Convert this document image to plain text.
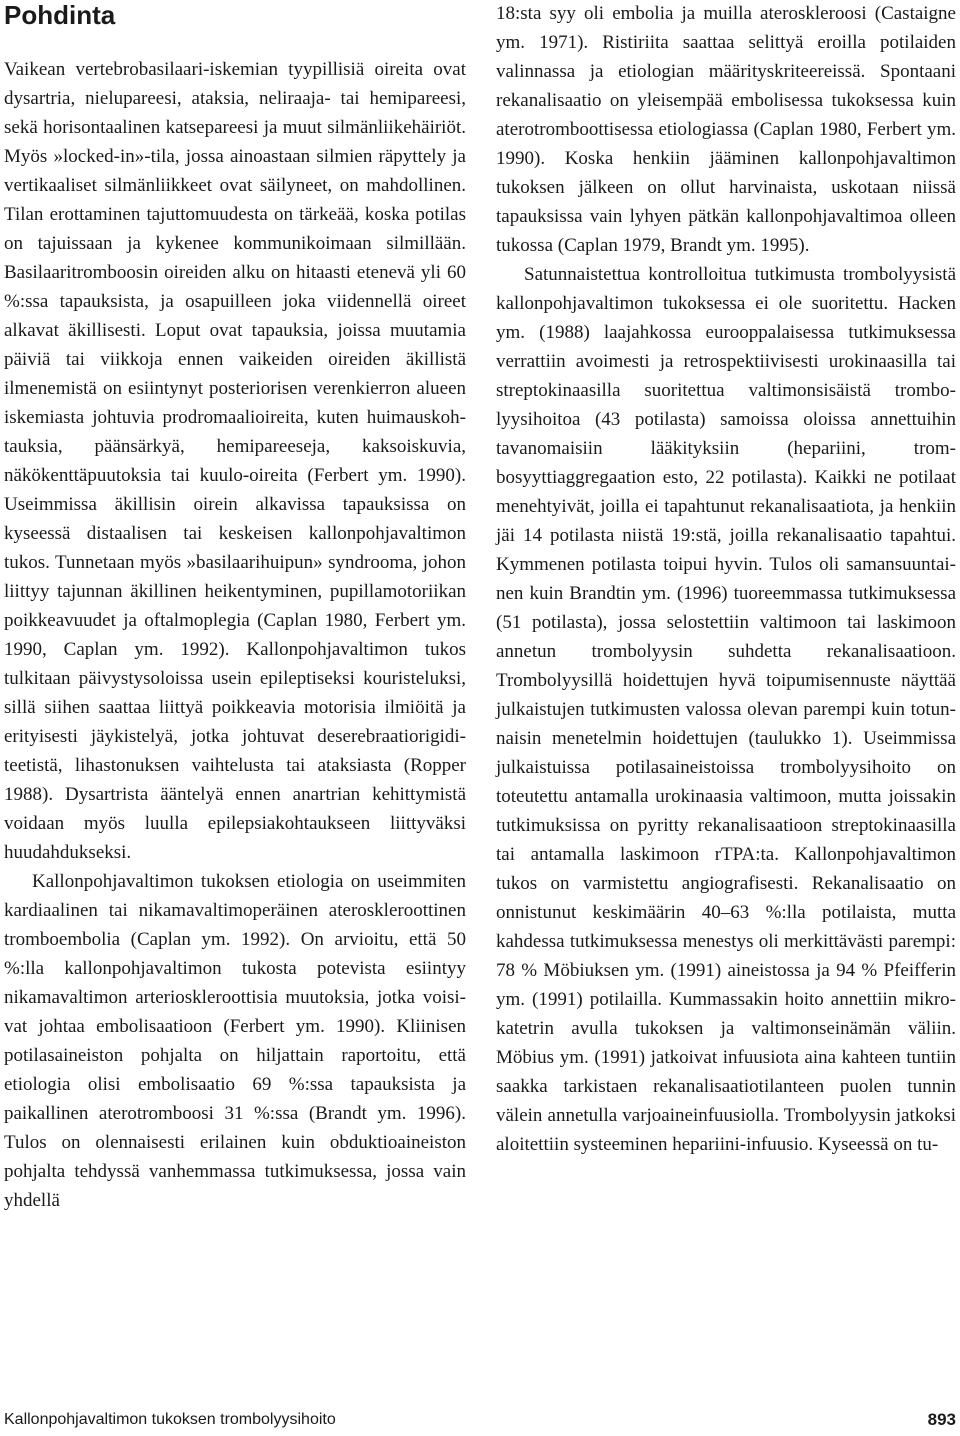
Pohdinta

Vaikean vertebrobasilaari-iskemian tyypillisiä oireita ovat dysartria, nielupareesi, ataksia, neliraaja- tai hemipareesi, sekä horisontaalinen katsepareesi ja muut silmänliikehäiriöt. Myös »locked-in»-tila, jossa ainoastaan silmien räpyttely ja vertikaaliset silmänliikkeet ovat säilyneet, on mahdollinen. Tilan erottaminen tajuttomuudesta on tärkeää, koska potilas on tajuissaan ja kykenee kommunikoimaan silmillään. Basilaaritromboosin oireiden alku on hitaasti etenevä yli 60 %:ssa tapauksista, ja osapuilleen joka viidennellä oireet alkavat äkillisesti. Loput ovat tapauksia, joissa muutamia päiviä tai viikkoja ennen vaikeiden oireiden äkillistä ilmenemistä on esiintynyt posteriorisen verenkierron alueen iskemiasta johtuvia prodromaalioireita, kuten huimauskohtauksia, päänsärkyä, hemipareeseja, kaksoiskuvia, näkökenttäpuutoksia tai kuulo-oireita (Ferbert ym. 1990). Useimmissa äkillisin oirein alkavissa tapauksissa on kyseessä distaalisen tai keskeisen kallonpohjavaltimon tukos. Tunnetaan myös »basilaarihuipun» syndrooma, johon liittyy tajunnan äkillinen heikentyminen, pupillamotoriikan poikkeavuudet ja oftalmoplegia (Caplan 1980, Ferbert ym. 1990, Caplan ym. 1992). Kallonpohjavaltimon tukos tulkitaan päivystysoloissa usein epileptiseksi kouristeluksi, sillä siihen saattaa liittyä poikkeavia motorisia ilmiöitä ja erityisesti jäykistelyä, jotka johtuvat deserebraatiorigiditeetistä, lihastonuksen vaihtelusta tai ataksiasta (Ropper 1988). Dysartrista ääntelyä ennen anartrian kehittymistä voidaan myös luulla epilepsiakohtaukseen liittyväksi huudahdukseksi.

Kallonpohjavaltimon tukoksen etiologia on useimmiten kardiaalinen tai nikamavaltimoperäinen ateroskleroottinen tromboembolia (Caplan ym. 1992). On arvioitu, että 50 %:lla kallonpohjavaltimon tukosta potevista esiintyy nikamavaltimon arterioskleroottisia muutoksia, jotka voisivat johtaa embolisaatioon (Ferbert ym. 1990). Kliinisen potilasaineiston pohjalta on hiljattain raportoitu, että etiologia olisi embolisaatio 69 %:ssa tapauksista ja paikallinen aterotromboosi 31 %:ssa (Brandt ym. 1996). Tulos on olennaisesti erilainen kuin obduktioaineiston pohjalta tehdyssä vanhemmassa tutkimuksessa, jossa vain yhdellä

18:sta syy oli embolia ja muilla ateroskleroosi (Castaigne ym. 1971). Ristiriita saattaa selittyä eroilla potilaiden valinnassa ja etiologian määrityskriteereissä. Spontaani rekanalisaatio on yleisempää embolisessa tukoksessa kuin aterotromboottisessa etiologiassa (Caplan 1980, Ferbert ym. 1990). Koska henkiin jääminen kallonpohjavaltimon tukoksen jälkeen on ollut harvinaista, uskotaan niissä tapauksissa vain lyhyen pätkän kallonpohjavaltimoa olleen tukossa (Caplan 1979, Brandt ym. 1995).

Satunnaistettua kontrolloitua tutkimusta trombolyysistä kallonpohjavaltimon tukoksessa ei ole suoritettu. Hacken ym. (1988) laajahkossa eurooppalaisessa tutkimuksessa verrattiin avoimesti ja retrospektiivisesti urokinaasilla tai streptokinaasilla suoritettua valtimonsisäistä trombolyysihoitoa (43 potilasta) samoissa oloissa annettuihin tavanomaisiin lääkityksiin (hepariini, trombosyyttiaggregaation esto, 22 potilasta). Kaikki ne potilaat menehtyivät, joilla ei tapahtunut rekanalisaatiota, ja henkiin jäi 14 potilasta niistä 19:stä, joilla rekanalisaatio tapahtui. Kymmenen potilasta toipui hyvin. Tulos oli samansuuntainen kuin Brandtin ym. (1996) tuoreemmassa tutkimuksessa (51 potilasta), jossa selostettiin valtimoon tai laskimoon annetun trombolyysin suhdetta rekanalisaatioon. Trombolyysillä hoidettujen hyvä toipumisennuste näyttää julkaistujen tutkimusten valossa olevan parempi kuin totunnaisin menetelmin hoidettujen (taulukko 1). Useimmissa julkaistuissa potilasaineistoissa trombolyysihoito on toteutettu antamalla urokinaasia valtimoon, mutta joissakin tutkimuksissa on pyritty rekanalisaatioon streptokinaasilla tai antamalla laskimoon rTPA:ta. Kallonpohjavaltimon tukos on varmistettu angiografisesti. Rekanalisaatio on onnistunut keskimäärin 40–63 %:lla potilaista, mutta kahdessa tutkimuksessa menestys oli merkittävästi parempi: 78 % Möbiuksen ym. (1991) aineistossa ja 94 % Pfeifferin ym. (1991) potilailla. Kummassakin hoito annettiin mikrokatetrin avulla tukoksen ja valtimonseinämän väliin. Möbius ym. (1991) jatkoivat infuusiota aina kahteen tuntiin saakka tarkistaen rekanalisaatiotilanteen puolen tunnin välein annetulla varjoaineinfuusiolla. Trombolyysin jatkoksi aloitettiin systeeminen hepariini-infuusio. Kyseessä on tu-

Kallonpohjavaltimon tukoksen trombolyysihoito	893
